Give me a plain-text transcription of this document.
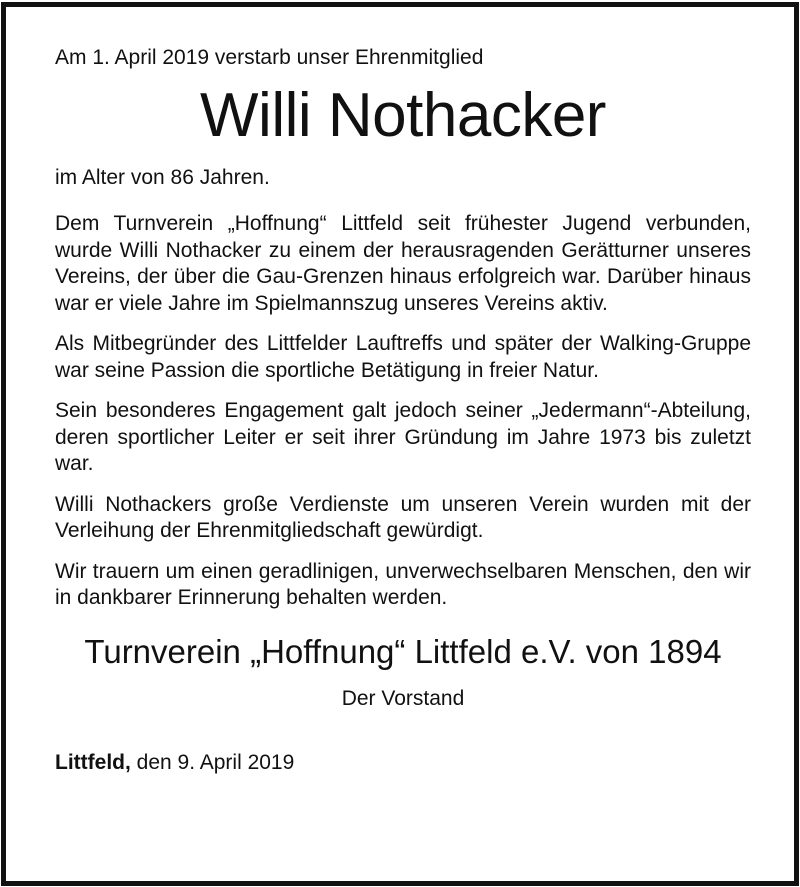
Am 1. April 2019 verstarb unser Ehrenmitglied

Willi Nothacker

im Alter von 86 Jahren.

Dem Turnverein „Hoffnung“ Littfeld seit frühester Jugend verbunden, wurde Willi Nothacker zu einem der herausragenden Gerätturner unseres Vereins, der über die Gau-Grenzen hinaus erfolgreich war. Darüber hinaus war er viele Jahre im Spielmannszug unseres Vereins aktiv.

Als Mitbegründer des Littfelder Lauftreffs und später der Walking-Gruppe war seine Passion die sportliche Betätigung in freier Natur.

Sein besonderes Engagement galt jedoch seiner „Jedermann“-Abteilung, deren sportlicher Leiter er seit ihrer Gründung im Jahre 1973 bis zuletzt war.

Willi Nothackers große Verdienste um unseren Verein wurden mit der Verleihung der Ehrenmitgliedschaft gewürdigt.

Wir trauern um einen geradlinigen, unverwechselbaren Menschen, den wir in dankbarer Erinnerung behalten werden.

Turnverein „Hoffnung“ Littfeld e.V. von 1894

Der Vorstand

Littfeld, den 9. April 2019
